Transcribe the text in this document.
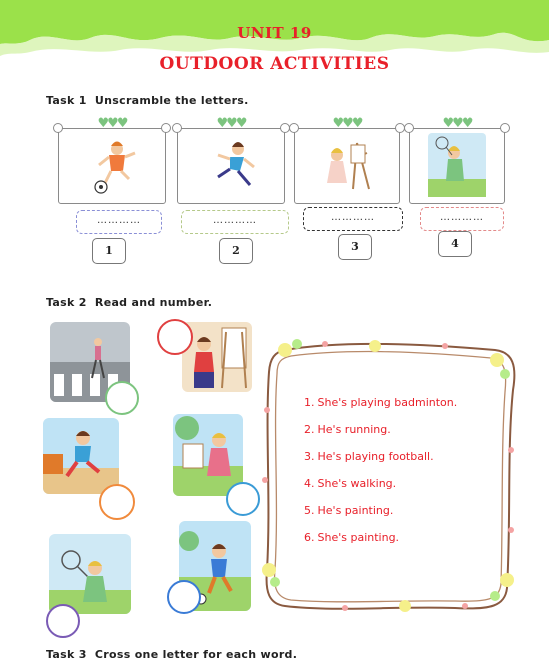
UNIT 19
OUTDOOR ACTIVITIES
Task 1 Unscramble the letters.
♥♥♥	♥♥♥	♥♥♥	♥♥♥
…………	…………	…………	…………
1	2	3	4
Task 2 Read and number.
1. She's playing badminton.
2. He's running.
3. He's playing football.
4. She's walking.
5. He's painting.
6. She's painting.
Task 3 Cross one letter for each word.
